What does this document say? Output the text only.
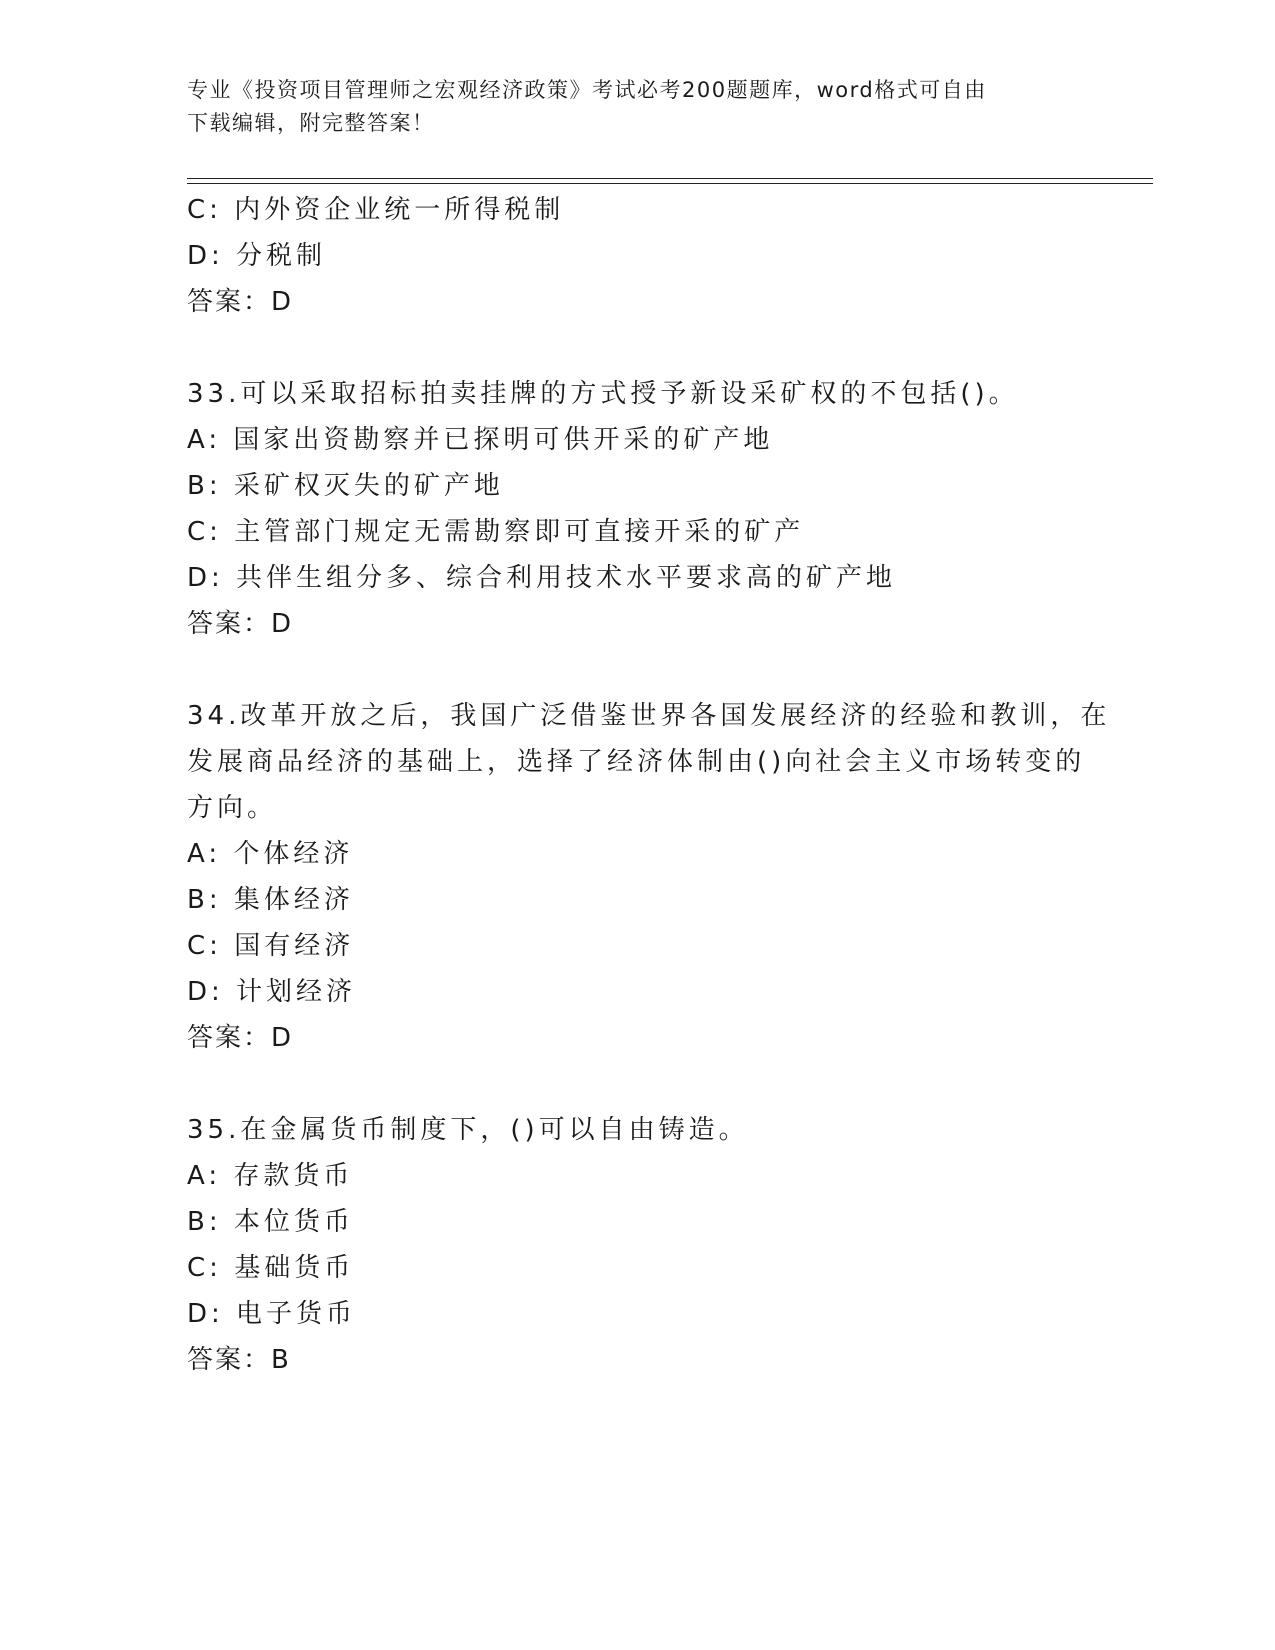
专业《投资项目管理师之宏观经济政策》考试必考200题题库，word格式可自由
下载编辑，附完整答案！
C: 内外资企业统一所得税制
D: 分税制
答案：D
33.可以采取招标拍卖挂牌的方式授予新设采矿权的不包括()。
A: 国家出资勘察并已探明可供开采的矿产地
B: 采矿权灭失的矿产地
C: 主管部门规定无需勘察即可直接开采的矿产
D: 共伴生组分多、综合利用技术水平要求高的矿产地
答案：D
34.改革开放之后，我国广泛借鉴世界各国发展经济的经验和教训，在
发展商品经济的基础上，选择了经济体制由()向社会主义市场转变的
方向。
A: 个体经济
B: 集体经济
C: 国有经济
D: 计划经济
答案：D
35.在金属货币制度下，()可以自由铸造。
A: 存款货币
B: 本位货币
C: 基础货币
D: 电子货币
答案：B
